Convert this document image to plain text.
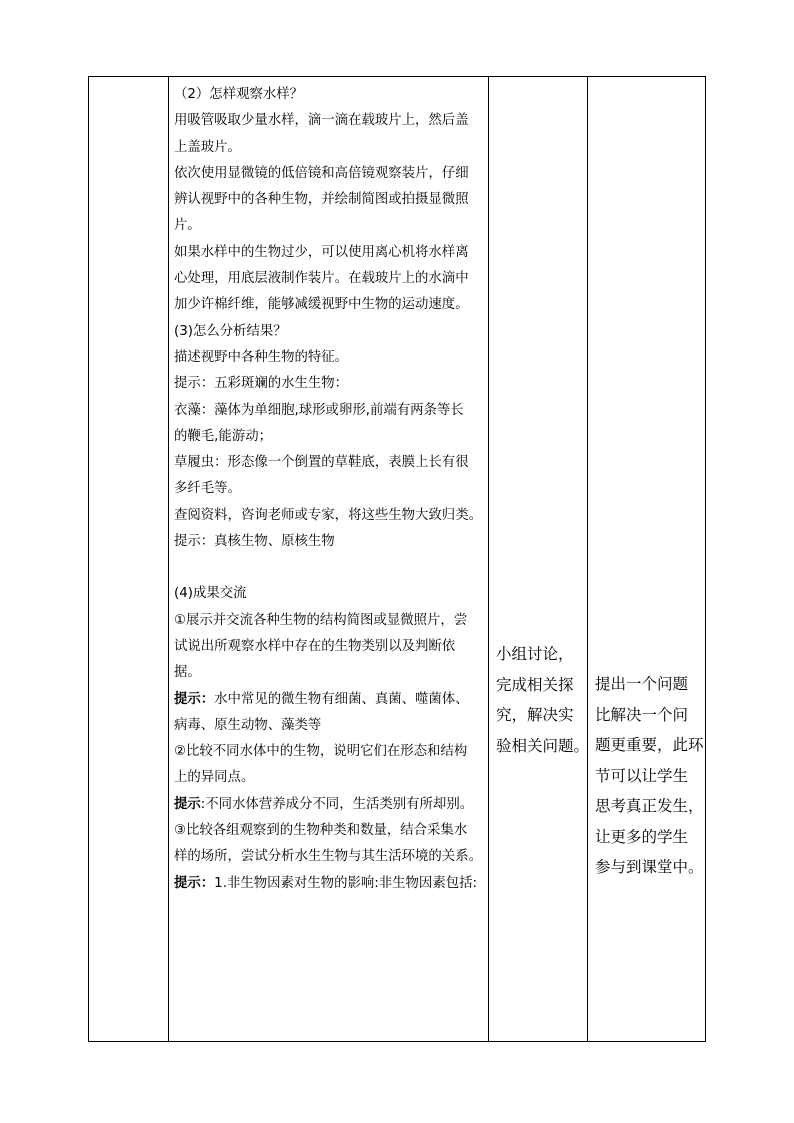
（2）怎样观察水样？
用吸管吸取少量水样，滴一滴在载玻片上，然后盖
上盖玻片。
依次使用显微镜的低倍镜和高倍镜观察装片，仔细
辨认视野中的各种生物，并绘制简图或拍摄显微照
片。
如果水样中的生物过少，可以使用离心机将水样离
心处理，用底层液制作装片。在载玻片上的水滴中
加少许棉纤维，能够减缓视野中生物的运动速度。
(3)怎么分析结果？
描述视野中各种生物的特征。
提示：五彩斑斓的水生生物：
衣藻：藻体为单细胞,球形或卵形,前端有两条等长
的鞭毛,能游动；
草履虫：形态像一个倒置的草鞋底，表膜上长有很
多纤毛等。
查阅资料，咨询老师或专家，将这些生物大致归类。
提示：真核生物、原核生物
(4)成果交流
①展示并交流各种生物的结构简图或显微照片，尝
试说出所观察水样中存在的生物类别以及判断依
据。
提示：水中常见的微生物有细菌、真菌、噬菌体、
病毒、原生动物、藻类等
②比较不同水体中的生物，说明它们在形态和结构
上的异同点。
提示:不同水体营养成分不同，生活类别有所却别。
③比较各组观察到的生物种类和数量，结合采集水
样的场所，尝试分析水生生物与其生活环境的关系。
提示：1.非生物因素对生物的影响:非生物因素包括:
小组讨论，
完成相关探
究，解决实
验相关问题。
提出一个问题
比解决一个问
题更重要，此环
节可以让学生
思考真正发生，
让更多的学生
参与到课堂中。
